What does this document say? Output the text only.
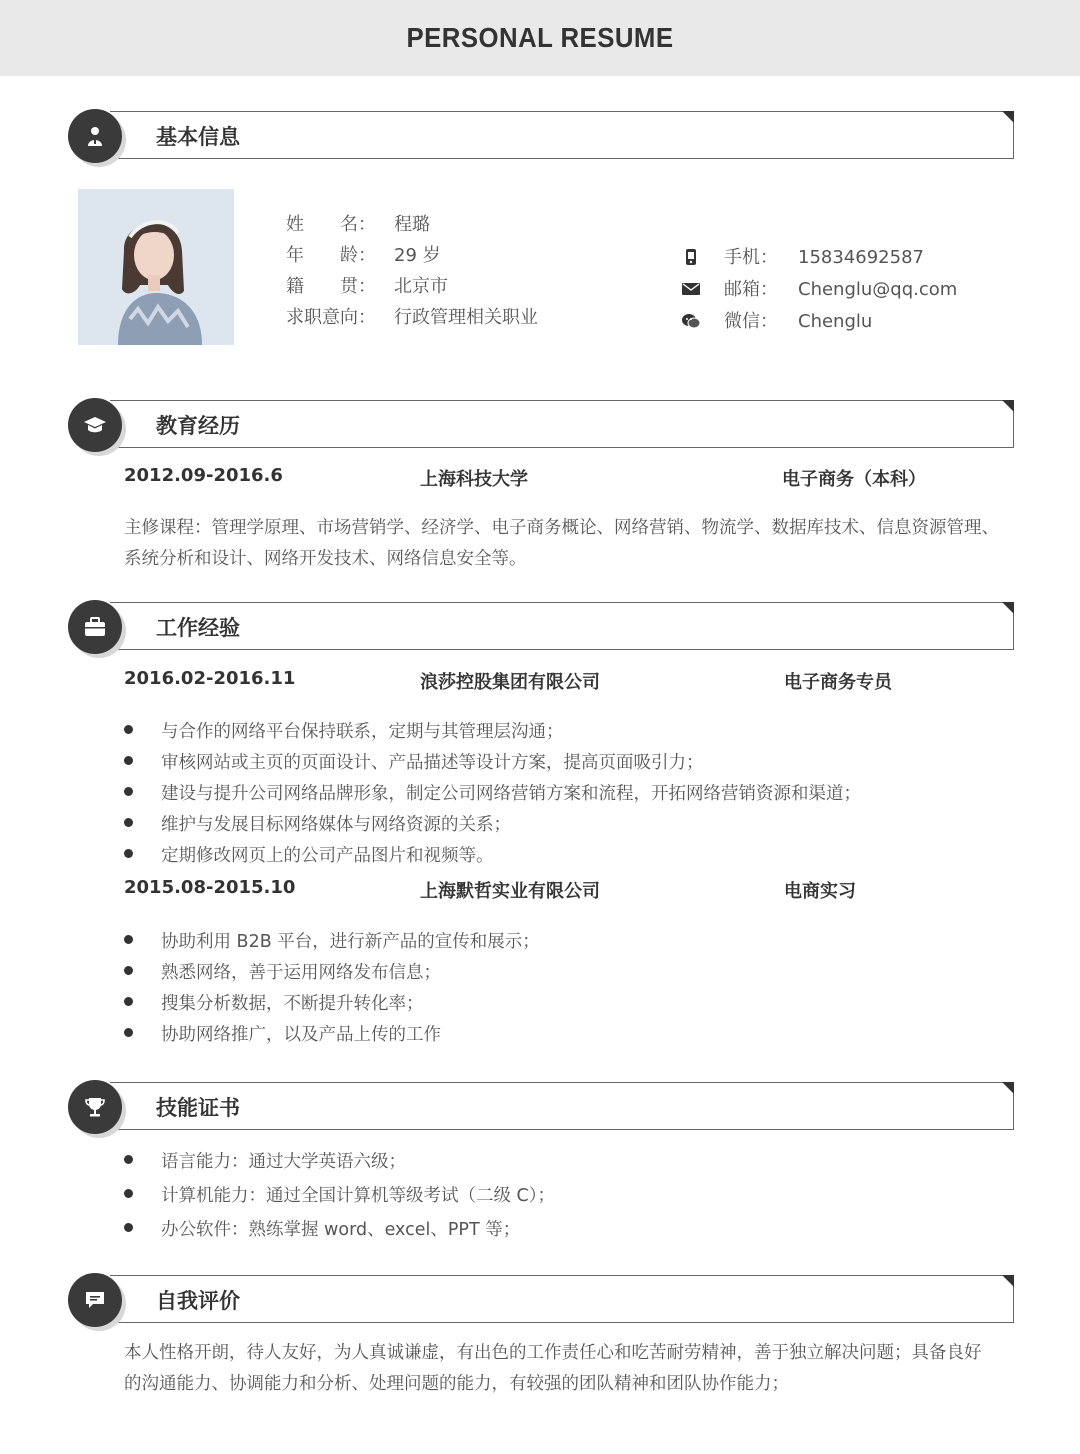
PERSONAL RESUME
基本信息
姓　　名： 程璐
年　　龄： 29 岁
籍　　贯： 北京市
求职意向： 行政管理相关职业
手机： 15834692587
邮箱： Chenglu@qq.com
微信： Chenglu
教育经历
2012.09-2016.6	上海科技大学	电子商务（本科）
主修课程：管理学原理、市场营销学、经济学、电子商务概论、网络营销、物流学、数据库技术、信息资源管理、系统分析和设计、网络开发技术、网络信息安全等。
工作经验
2016.02-2016.11	浪莎控股集团有限公司	电子商务专员
与合作的网络平台保持联系，定期与其管理层沟通；
审核网站或主页的页面设计、产品描述等设计方案，提高页面吸引力；
建设与提升公司网络品牌形象，制定公司网络营销方案和流程，开拓网络营销资源和渠道；
维护与发展目标网络媒体与网络资源的关系；
定期修改网页上的公司产品图片和视频等。
2015.08-2015.10	上海默哲实业有限公司	电商实习
协助利用 B2B 平台，进行新产品的宣传和展示；
熟悉网络，善于运用网络发布信息；
搜集分析数据，不断提升转化率；
协助网络推广，以及产品上传的工作
技能证书
语言能力：通过大学英语六级；
计算机能力：通过全国计算机等级考试（二级 C）；
办公软件：熟练掌握 word、excel、PPT 等；
自我评价
本人性格开朗，待人友好，为人真诚谦虚，有出色的工作责任心和吃苦耐劳精神，善于独立解决问题；具备良好的沟通能力、协调能力和分析、处理问题的能力，有较强的团队精神和团队协作能力；
